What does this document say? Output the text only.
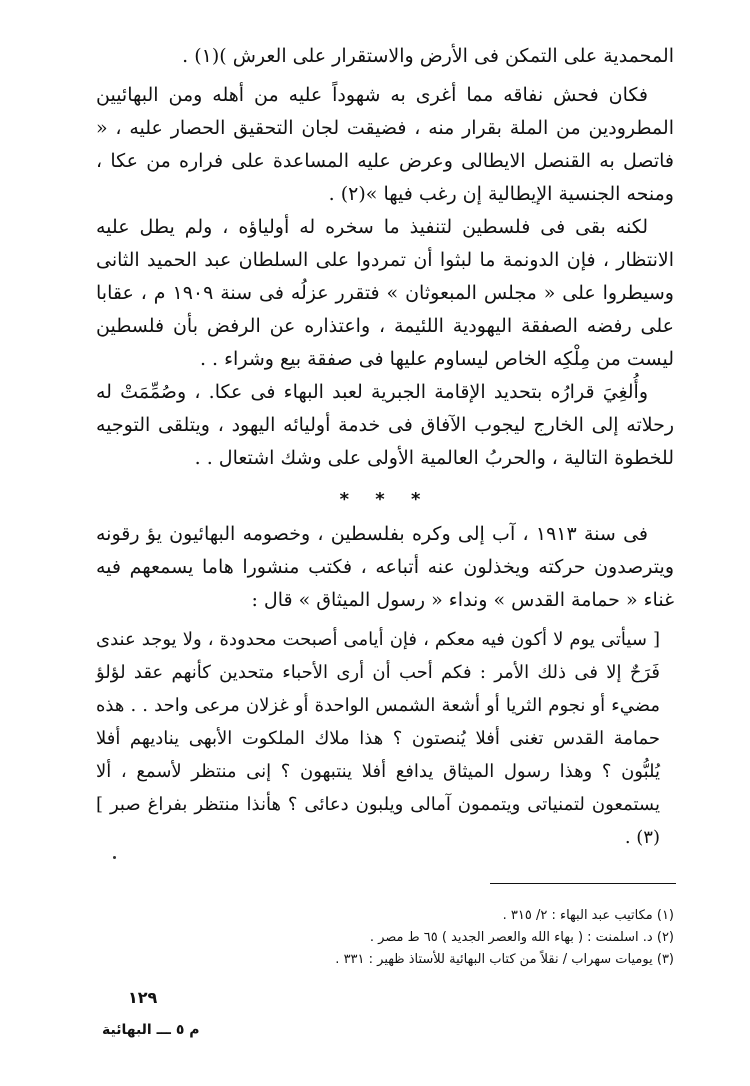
المحمدية على التمكن فى الأرض والاستقرار على العرش )(١) .

فكان فحش نفاقه مما أغرى به شهوداً عليه من أهله ومن البهائيين المطرودين من الملة بقرار منه ، فضيقت لجان التحقيق الحصار عليه ، « فاتصل به القنصل الايطالى وعرض عليه المساعدة على فراره من عكا ، ومنحه الجنسية الإيطالية إن رغب فيها »(٢) .

لكنه بقى فى فلسطين لتنفيذ ما سخره له أولياؤه ، ولم يطل عليه الانتظار ، فإن الدونمة ما لبثوا أن تمردوا على السلطان عبد الحميد الثانى وسيطروا على « مجلس المبعوثان » فتقرر عزلُه فى سنة ١٩٠٩ م ، عقابا على رفضه الصفقة اليهودية اللئيمة ، واعتذاره عن الرفض بأن فلسطين ليست من مِلْكِه الخاص ليساوم عليها فى صفقة بيع وشراء . .

وأُلغِيَ قرارُه بتحديد الإقامة الجبرية لعبد البهاء فى عكا. ، وصُمِّمَتْ له رحلاته إلى الخارج ليجوب الآفاق فى خدمة أوليائه اليهود ، ويتلقى التوجيه للخطوة التالية ، والحربُ العالمية الأولى على وشك اشتعال . .

* * *

فى سنة ١٩١٣ ، آب إلى وكره بفلسطين ، وخصومه البهائيون يؤ رقونه ويترصدون حركته ويخذلون عنه أتباعه ، فكتب منشورا هاما يسمعهم فيه غناء « حمامة القدس » ونداء « رسول الميثاق » قال :

[ سيأتى يوم لا أكون فيه معكم ، فإن أيامى أصبحت محدودة ، ولا يوجد عندى فَرَحٌ إلا فى ذلك الأمر : فكم أحب أن أرى الأحباء متحدين كأنهم عقد لؤلؤ مضيء أو نجوم الثريا أو أشعة الشمس الواحدة أو غزلان مرعى واحد . . هذه حمامة القدس تغنى أفلا يُنصتون ؟ هذا ملاك الملكوت الأبهى يناديهم أفلا يُلبُّون ؟ وهذا رسول الميثاق يدافع أفلا ينتبهون ؟ إنى منتظر لأسمع ، ألا يستمعون لتمنياتى ويتممون آمالى ويلبون دعائى ؟ هأنذا منتظر بفراغ صبر ](٣) .

(١) مكاتيب عبد البهاء : ٢/ ٣١٥ .
(٢) د. اسلمنت : ( بهاء الله والعصر الجديد ) ٦٥ ط مصر .
(٣) يوميات سهراب / نقلاً من كتاب البهائية للأستاذ ظهير : ٣٣١ .
١٢٩
م ٥ ـــ البهائية
